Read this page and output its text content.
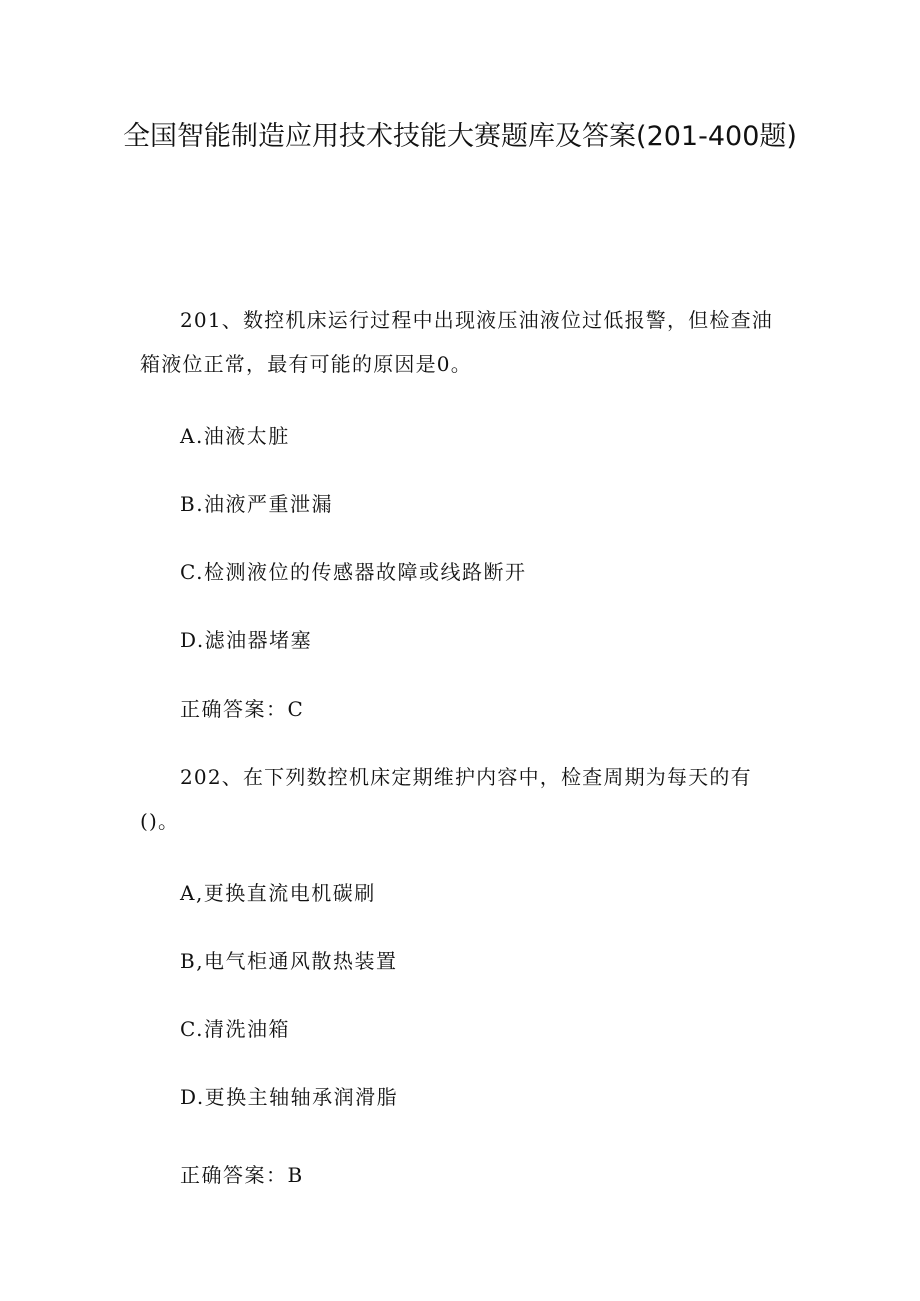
全国智能制造应用技术技能大赛题库及答案(201-400题)
201、数控机床运行过程中出现液压油液位过低报警，但检查油箱液位正常，最有可能的原因是0。
A.油液太脏
B.油液严重泄漏
C.检测液位的传感器故障或线路断开
D.滤油器堵塞
正确答案：C
202、在下列数控机床定期维护内容中，检查周期为每天的有()。
A,更换直流电机碳刷
B,电气柜通风散热装置
C.清洗油箱
D.更换主轴轴承润滑脂
正确答案：B
